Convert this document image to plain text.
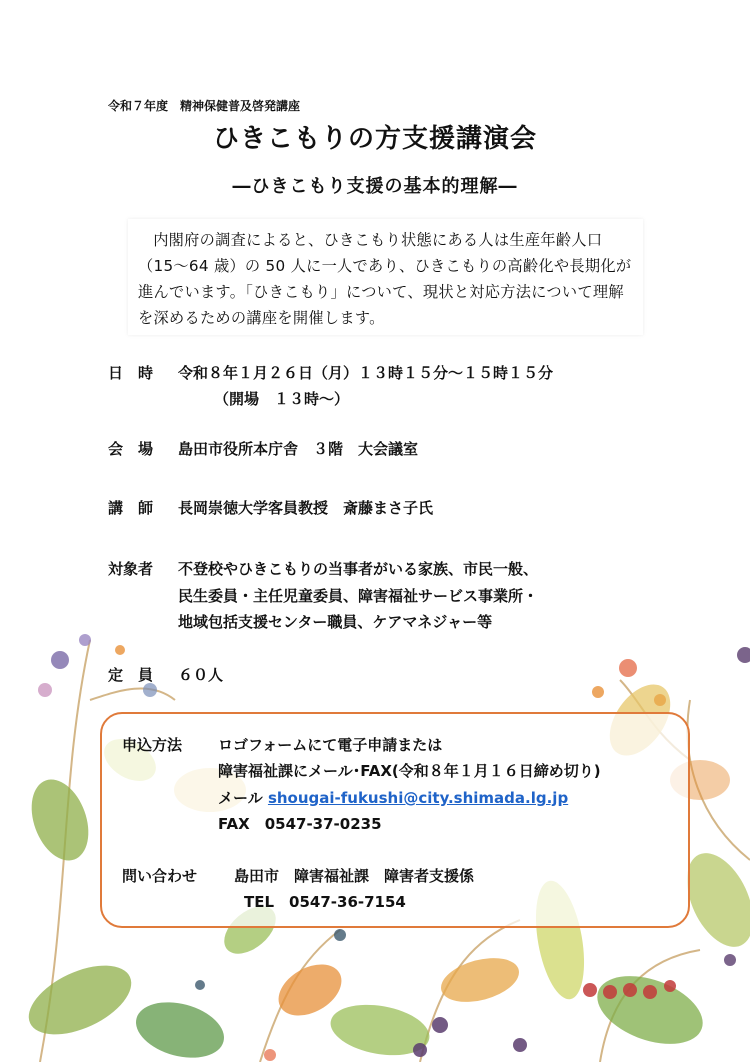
令和７年度　精神保健普及啓発講座
ひきこもりの方支援講演会
―ひきこもり支援の基本的理解―

内閣府の調査によると、ひきこもり状態にある人は生産年齢人口（15～64 歳）の 50 人に一人であり、ひきこもりの高齢化や長期化が進んでいます。「ひきこもり」について、現状と対応方法について理解を深めるための講座を開催します。

日　時 令和８年１月２６日（月）１３時１５分～１５時１５分
（開場　１３時～）
会　場 島田市役所本庁舎　３階　大会議室
講　師 長岡崇徳大学客員教授　斎藤まさ子氏
対象者 不登校やひきこもりの当事者がいる家族、市民一般、
民生委員・主任児童委員、障害福祉サービス事業所・
地域包括支援センター職員、ケアマネジャー等
定　員 ６０人
申込方法 ロゴフォームにて電子申請または
障害福祉課にメール･FAX(令和８年１月１６日締め切り)
メール shougai-fukushi@city.shimada.lg.jp
FAX　0547-37-0235
問い合わせ 島田市　障害福祉課　障害者支援係
TEL　0547-36-7154
